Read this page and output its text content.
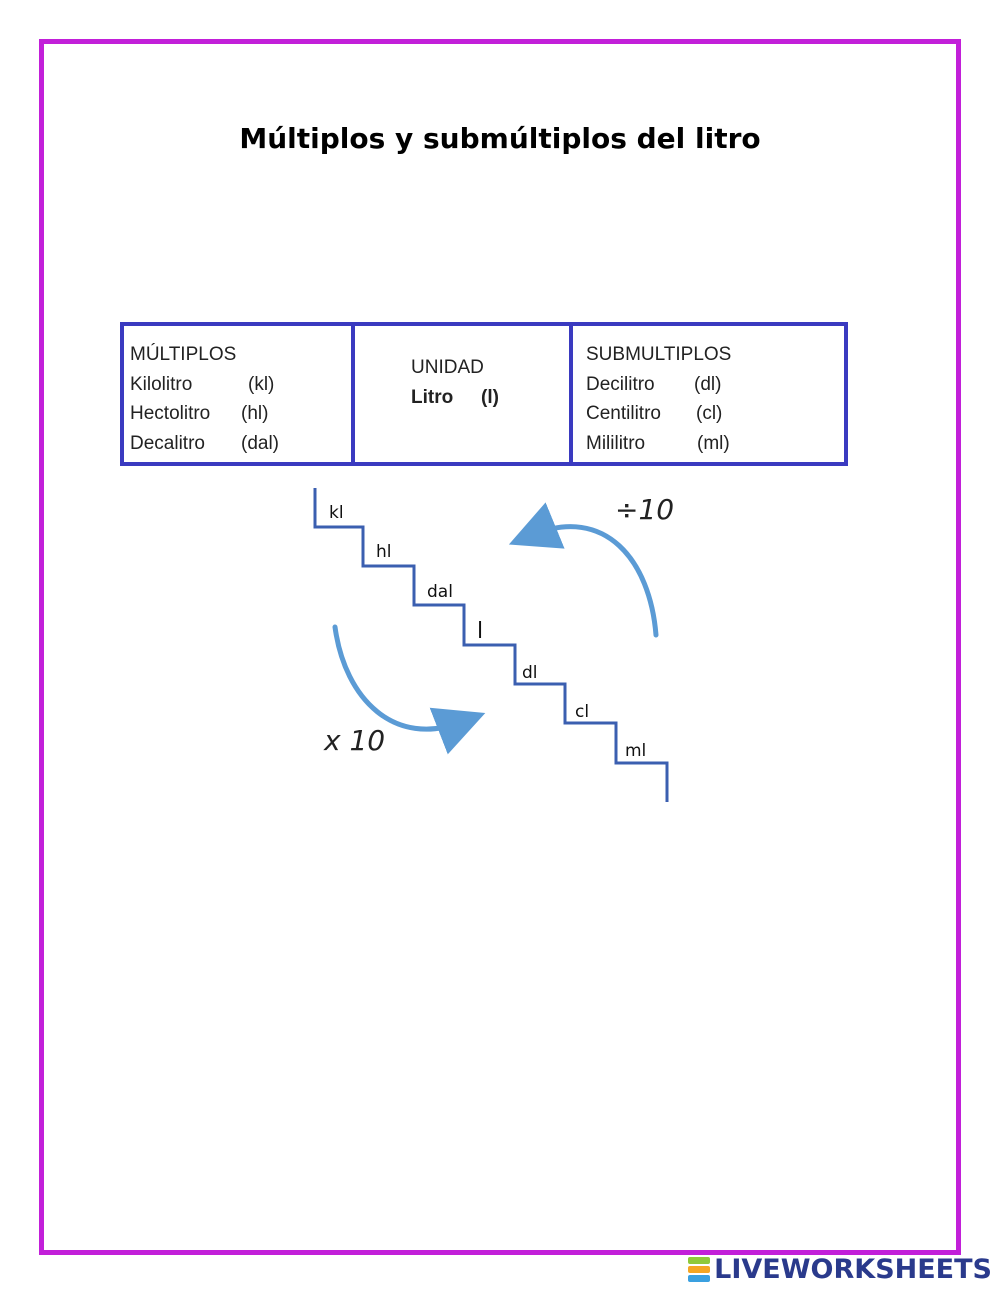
Múltiplos y submúltiplos del litro
MÚLTIPLOS
Kilolitro	(kl)
Hectolitro (hl)
Decalitro (dal)
UNIDAD
Litro (l)
SUBMULTIPLOS
Decilitro (dl)
Centilitro (cl)
Mililitro	(ml)
kl
hl
dal
l
dl
cl
ml
x 10
÷10
LIVEWORKSHEETS
